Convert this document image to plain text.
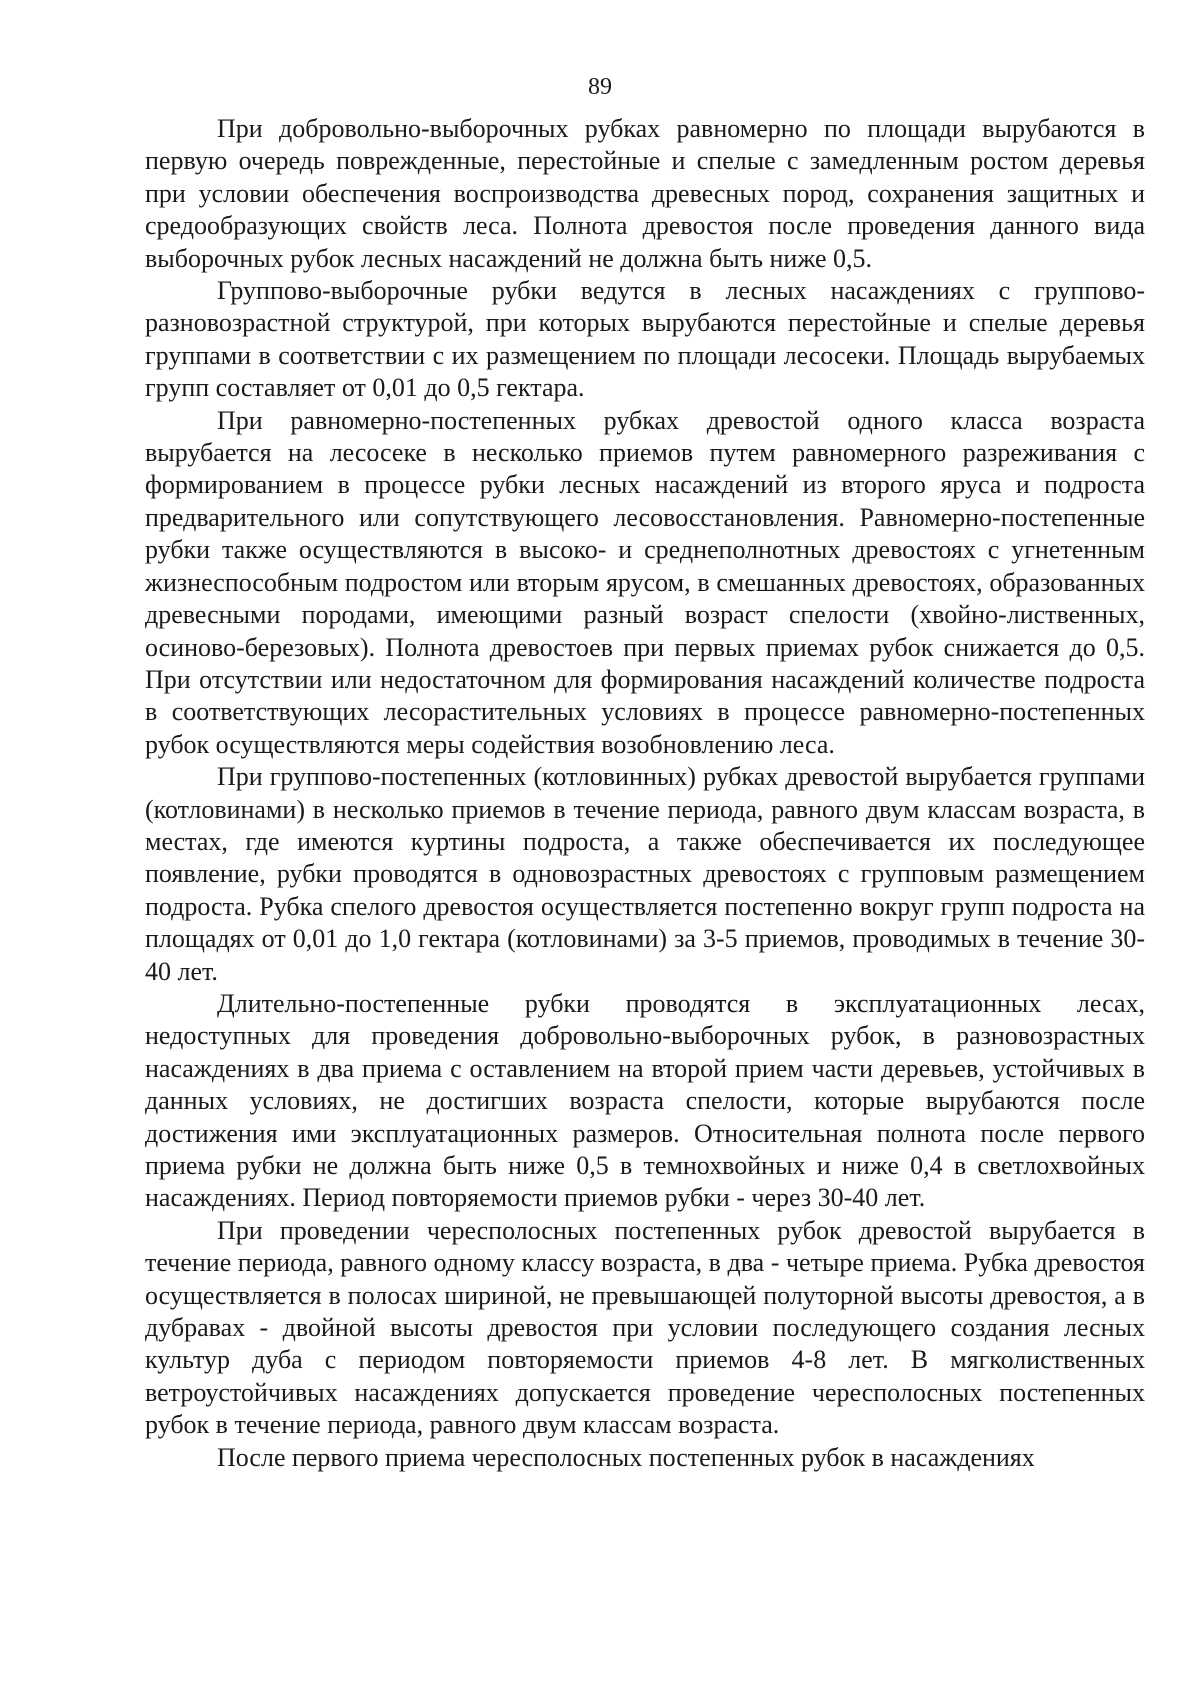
89

При добровольно-выборочных рубках равномерно по площади вырубаются в первую очередь поврежденные, перестойные и спелые с замедленным ростом деревья при условии обеспечения воспроизводства древесных пород, сохранения защитных и средообразующих свойств леса. Полнота древостоя после проведения данного вида выборочных рубок лесных насаждений не должна быть ниже 0,5.

Группово-выборочные рубки ведутся в лесных насаждениях с группово-разновозрастной структурой, при которых вырубаются перестойные и спелые деревья группами в соответствии с их размещением по площади лесосеки. Площадь вырубаемых групп составляет от 0,01 до 0,5 гектара.

При равномерно-постепенных рубках древостой одного класса возраста вырубается на лесосеке в несколько приемов путем равномерного разреживания с формированием в процессе рубки лесных насаждений из второго яруса и подроста предварительного или сопутствующего лесовосстановления. Равномерно-постепенные рубки также осуществляются в высоко- и среднеполнотных древостоях с угнетенным жизнеспособным подростом или вторым ярусом, в смешанных древостоях, образованных древесными породами, имеющими разный возраст спелости (хвойно-лиственных, осиново-березовых). Полнота древостоев при первых приемах рубок снижается до 0,5. При отсутствии или недостаточном для формирования насаждений количестве подроста в соответствующих лесорастительных условиях в процессе равномерно-постепенных рубок осуществляются меры содействия возобновлению леса.

При группово-постепенных (котловинных) рубках древостой вырубается группами (котловинами) в несколько приемов в течение периода, равного двум классам возраста, в местах, где имеются куртины подроста, а также обеспечивается их последующее появление, рубки проводятся в одновозрастных древостоях с групповым размещением подроста. Рубка спелого древостоя осуществляется постепенно вокруг групп подроста на площадях от 0,01 до 1,0 гектара (котловинами) за 3-5 приемов, проводимых в течение 30-40 лет.

Длительно-постепенные рубки проводятся в эксплуатационных лесах, недоступных для проведения добровольно-выборочных рубок, в разновозрастных насаждениях в два приема с оставлением на второй прием части деревьев, устойчивых в данных условиях, не достигших возраста спелости, которые вырубаются после достижения ими эксплуатационных размеров. Относительная полнота после первого приема рубки не должна быть ниже 0,5 в темнохвойных и ниже 0,4 в светлохвойных насаждениях. Период повторяемости приемов рубки - через 30-40 лет.

При проведении чересполосных постепенных рубок древостой вырубается в течение периода, равного одному классу возраста, в два - четыре приема. Рубка древостоя осуществляется в полосах шириной, не превышающей полуторной высоты древостоя, а в дубравах - двойной высоты древостоя при условии последующего создания лесных культур дуба с периодом повторяемости приемов 4-8 лет. В мягколиственных ветроустойчивых насаждениях допускается проведение чересполосных постепенных рубок в течение периода, равного двум классам возраста.

После первого приема чересполосных постепенных рубок в насаждениях
